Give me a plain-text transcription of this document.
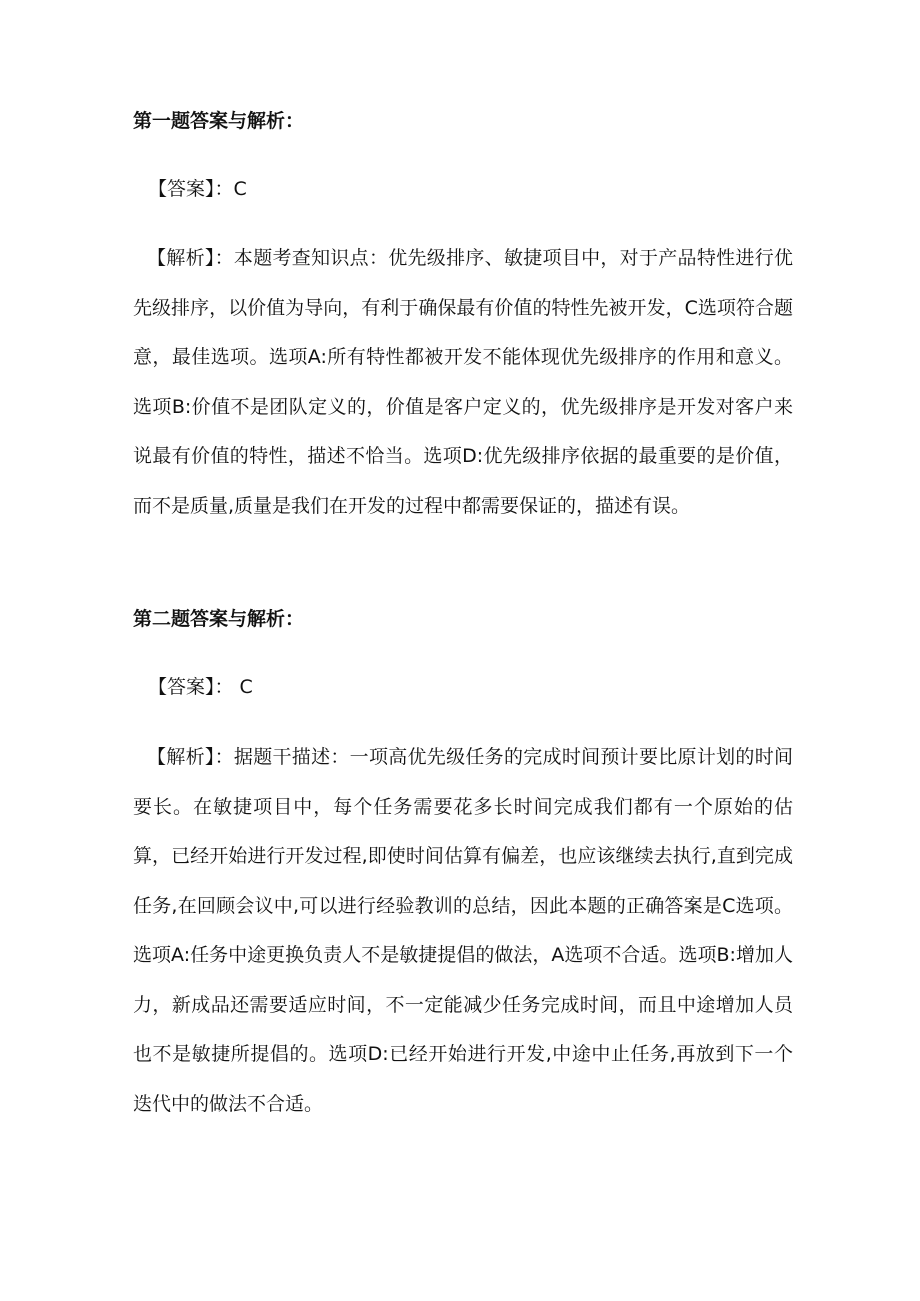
第一题答案与解析：
【答案】：C
【解析】：本题考查知识点：优先级排序、敏捷项目中，对于产品特性进行优先级排序，以价值为导向，有利于确保最有价值的特性先被开发，C选项符合题意，最佳选项。选项A:所有特性都被开发不能体现优先级排序的作用和意义。选项B:价值不是团队定义的，价值是客户定义的，优先级排序是开发对客户来说最有价值的特性，描述不恰当。选项D:优先级排序依据的最重要的是价值，而不是质量,质量是我们在开发的过程中都需要保证的，描述有误。
第二题答案与解析：
【答案】： C
【解析】：据题干描述：一项高优先级任务的完成时间预计要比原计划的时间要长。在敏捷项目中，每个任务需要花多长时间完成我们都有一个原始的估算，已经开始进行开发过程,即使时间估算有偏差，也应该继续去执行,直到完成任务,在回顾会议中,可以进行经验教训的总结，因此本题的正确答案是C选项。选项A:任务中途更换负责人不是敏捷提倡的做法，A选项不合适。选项B:增加人力，新成品还需要适应时间，不一定能减少任务完成时间，而且中途增加人员也不是敏捷所提倡的。选项D:已经开始进行开发,中途中止任务,再放到下一个迭代中的做法不合适。
